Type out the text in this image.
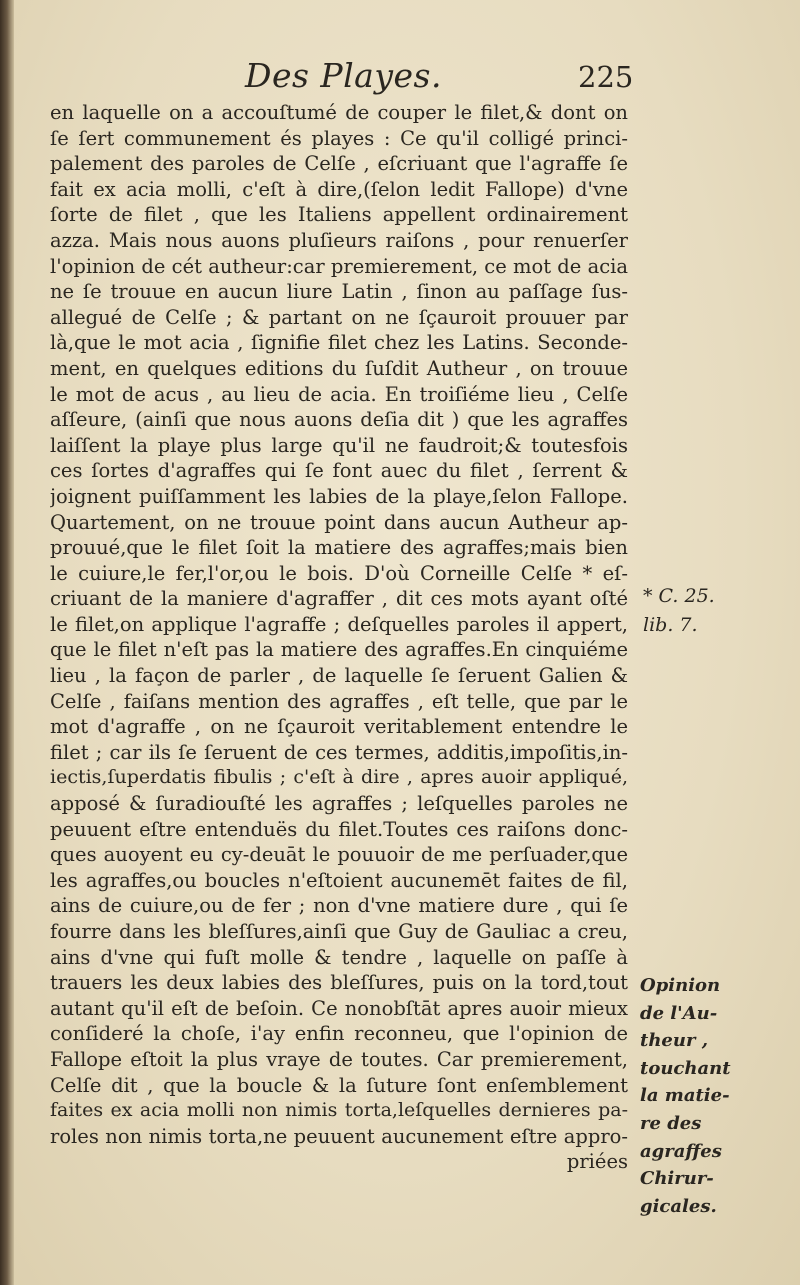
Des Playes.	225
en laquelle on a accouſtumé de couper le filet,& dont on
ſe ſert communement és playes : Ce qu'il colligé princi-
palement des paroles de Celſe , eſcriuant que l'agraffe ſe
fait ex acia molli, c'eſt à dire,(ſelon ledit Fallope) d'vne
ſorte de filet , que les Italiens appellent ordinairement
azza. Mais nous auons pluſieurs raiſons , pour renuerſer
l'opinion de cét autheur:car premierement, ce mot de acia
ne ſe trouue en aucun liure Latin , ſinon au paſſage ſus-
allegué de Celſe ; & partant on ne ſçauroit prouuer par
là,que le mot acia , ſignifie filet chez les Latins. Seconde-
ment, en quelques editions du ſuſdit Autheur , on trouue
le mot de acus , au lieu de acia. En troiſiéme lieu , Celſe
aſſeure, (ainſi que nous auons deſia dit ) que les agraffes
laiſſent la playe plus large qu'il ne faudroit;& toutesfois
ces ſortes d'agraffes qui ſe font auec du filet , ſerrent &
joignent puiſſamment les labies de la playe,ſelon Fallope.
Quartement, on ne trouue point dans aucun Autheur ap-
prouué,que le filet ſoit la matiere des agraffes;mais bien
le cuiure,le fer,l'or,ou le bois. D'où Corneille Celſe * eſ-
criuant de la maniere d'agraffer , dit ces mots ayant oſté
le filet,on applique l'agraffe ; deſquelles paroles il appert,
que le filet n'eſt pas la matiere des agraffes.En cinquiéme
lieu , la façon de parler , de laquelle ſe ſeruent Galien &
Celſe , faiſans mention des agraffes , eſt telle, que par le
mot d'agraffe , on ne ſçauroit veritablement entendre le
filet ; car ils ſe ſeruent de ces termes, additis,impoſitis,in-
iectis,ſuperdatis fibulis ; c'eſt à dire , apres auoir appliqué,
apposé & ſuradiouſté les agraffes ; leſquelles paroles ne
peuuent eſtre entenduës du filet.Toutes ces raiſons donc-
ques auoyent eu cy-deuāt le pouuoir de me perſuader,que
les agraffes,ou boucles n'eſtoient aucunemēt faites de fil,
ains de cuiure,ou de fer ; non d'vne matiere dure , qui ſe
fourre dans les bleſſures,ainſi que Guy de Gauliac a creu,
ains d'vne qui fuſt molle & tendre , laquelle on paſſe à
trauers les deux labies des bleſſures, puis on la tord,tout
autant qu'il eſt de beſoin. Ce nonobſtāt apres auoir mieux
conſideré la choſe, i'ay enfin reconneu, que l'opinion de
Fallope eſtoit la plus vraye de toutes. Car premierement,
Celſe dit , que la boucle & la ſuture ſont enſemblement
faites ex acia molli non nimis torta,leſquelles dernieres pa-
roles non nimis torta,ne peuuent aucunement eſtre appro-
priées
* C. 25.
lib. 7.
Opinion
de l'Au-
theur ,
touchant
la matie-
re des
agraffes
Chirur-
gicales.
